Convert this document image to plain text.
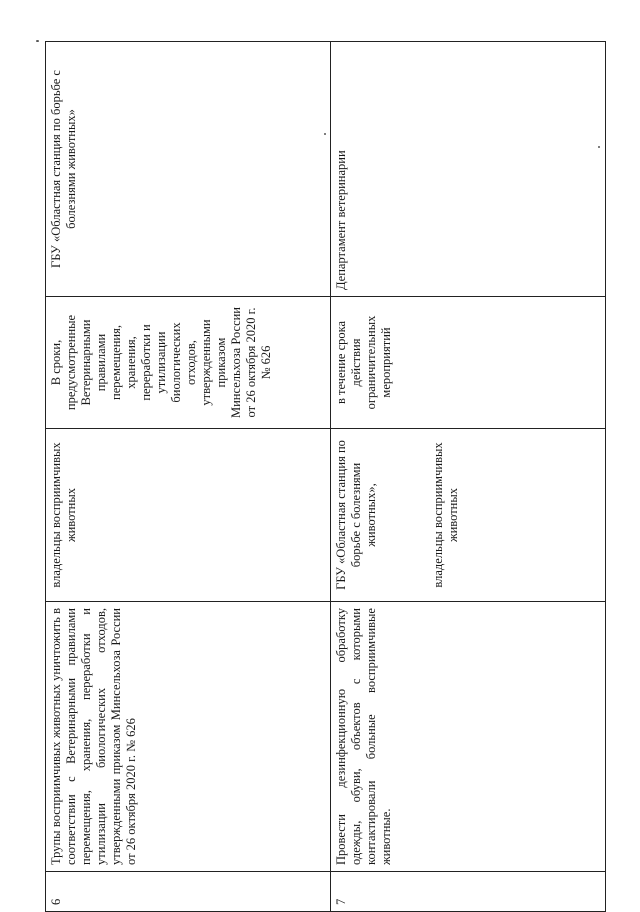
6	Трупы восприимчивых животных уничтожить в соответствии с Ветеринарными правилами перемещения, хранения, переработки и утилизации биологических отходов, утвержденными приказом Минсельхоза России от 26 октября 2020 г. № 626	владельцы восприимчивых животных	В сроки, предусмотренные Ветеринарными правилами перемещения, хранения, переработки и утилизации биологических отходов, утвержденными приказом Минсельхоза России от 26 октября 2020 г. № 626	ГБУ «Областная станция по борьбе с болезнями животных»
7	Провести дезинфекционную обработку одежды, обуви, объектов с которыми контактировали больные восприимчивые животные.	ГБУ «Областная станция по борьбе с болезнями животных», владельцы восприимчивых животных	в течение срока действия ограничительных мероприятий	Департамент ветеринарии
